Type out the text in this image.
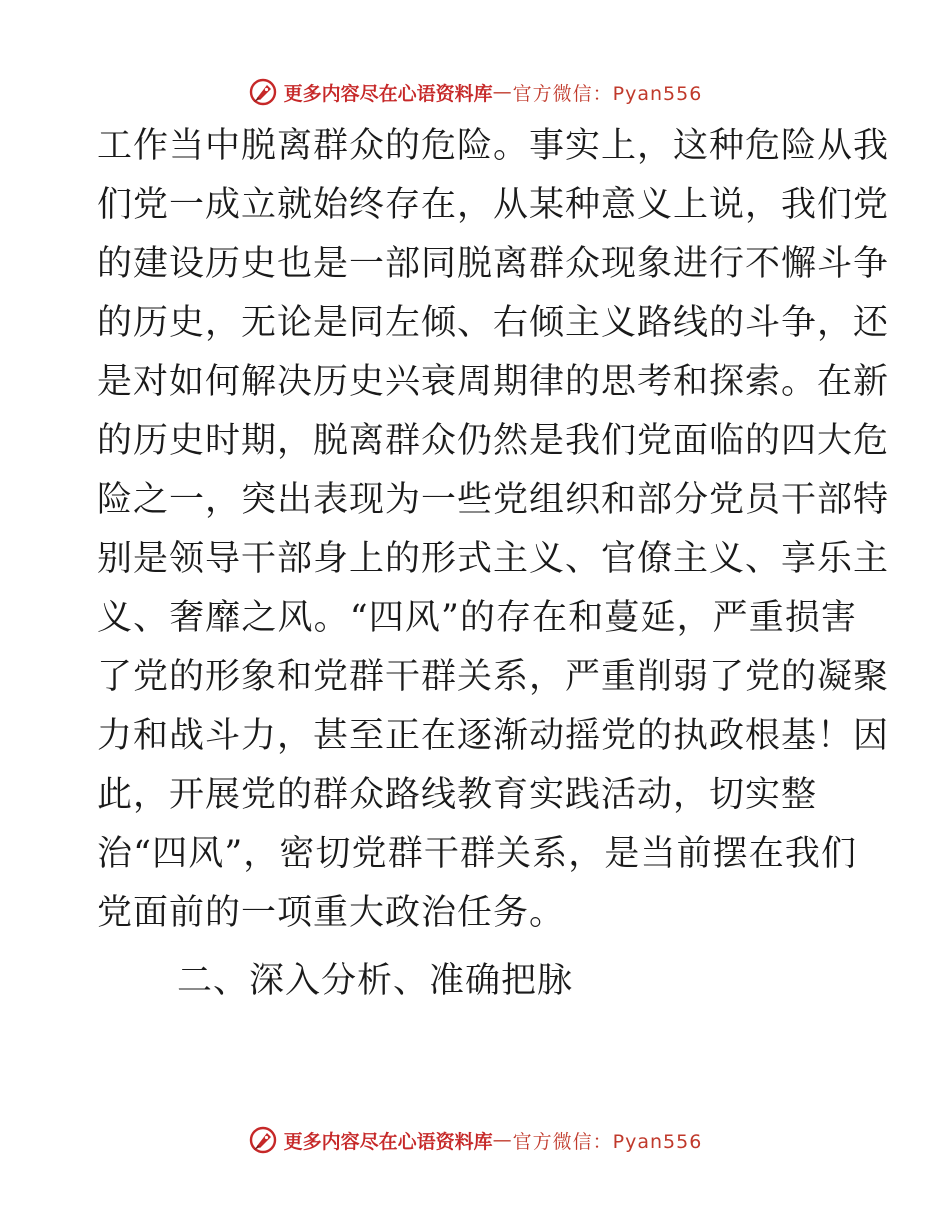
更多内容尽在心语资料库 — 官方微信：Pyan556
工作当中脱离群众的危险。事实上，这种危险从我
们党一成立就始终存在，从某种意义上说，我们党
的建设历史也是一部同脱离群众现象进行不懈斗争
的历史，无论是同左倾、右倾主义路线的斗争，还
是对如何解决历史兴衰周期律的思考和探索。在新
的历史时期，脱离群众仍然是我们党面临的四大危
险之一，突出表现为一些党组织和部分党员干部特
别是领导干部身上的形式主义、官僚主义、享乐主
义、奢靡之风。“四风”的存在和蔓延，严重损害
了党的形象和党群干群关系，严重削弱了党的凝聚
力和战斗力，甚至正在逐渐动摇党的执政根基！因
此，开展党的群众路线教育实践活动，切实整
治“四风”，密切党群干群关系，是当前摆在我们
党面前的一项重大政治任务。
二、深入分析、准确把脉
更多内容尽在心语资料库 — 官方微信：Pyan556
